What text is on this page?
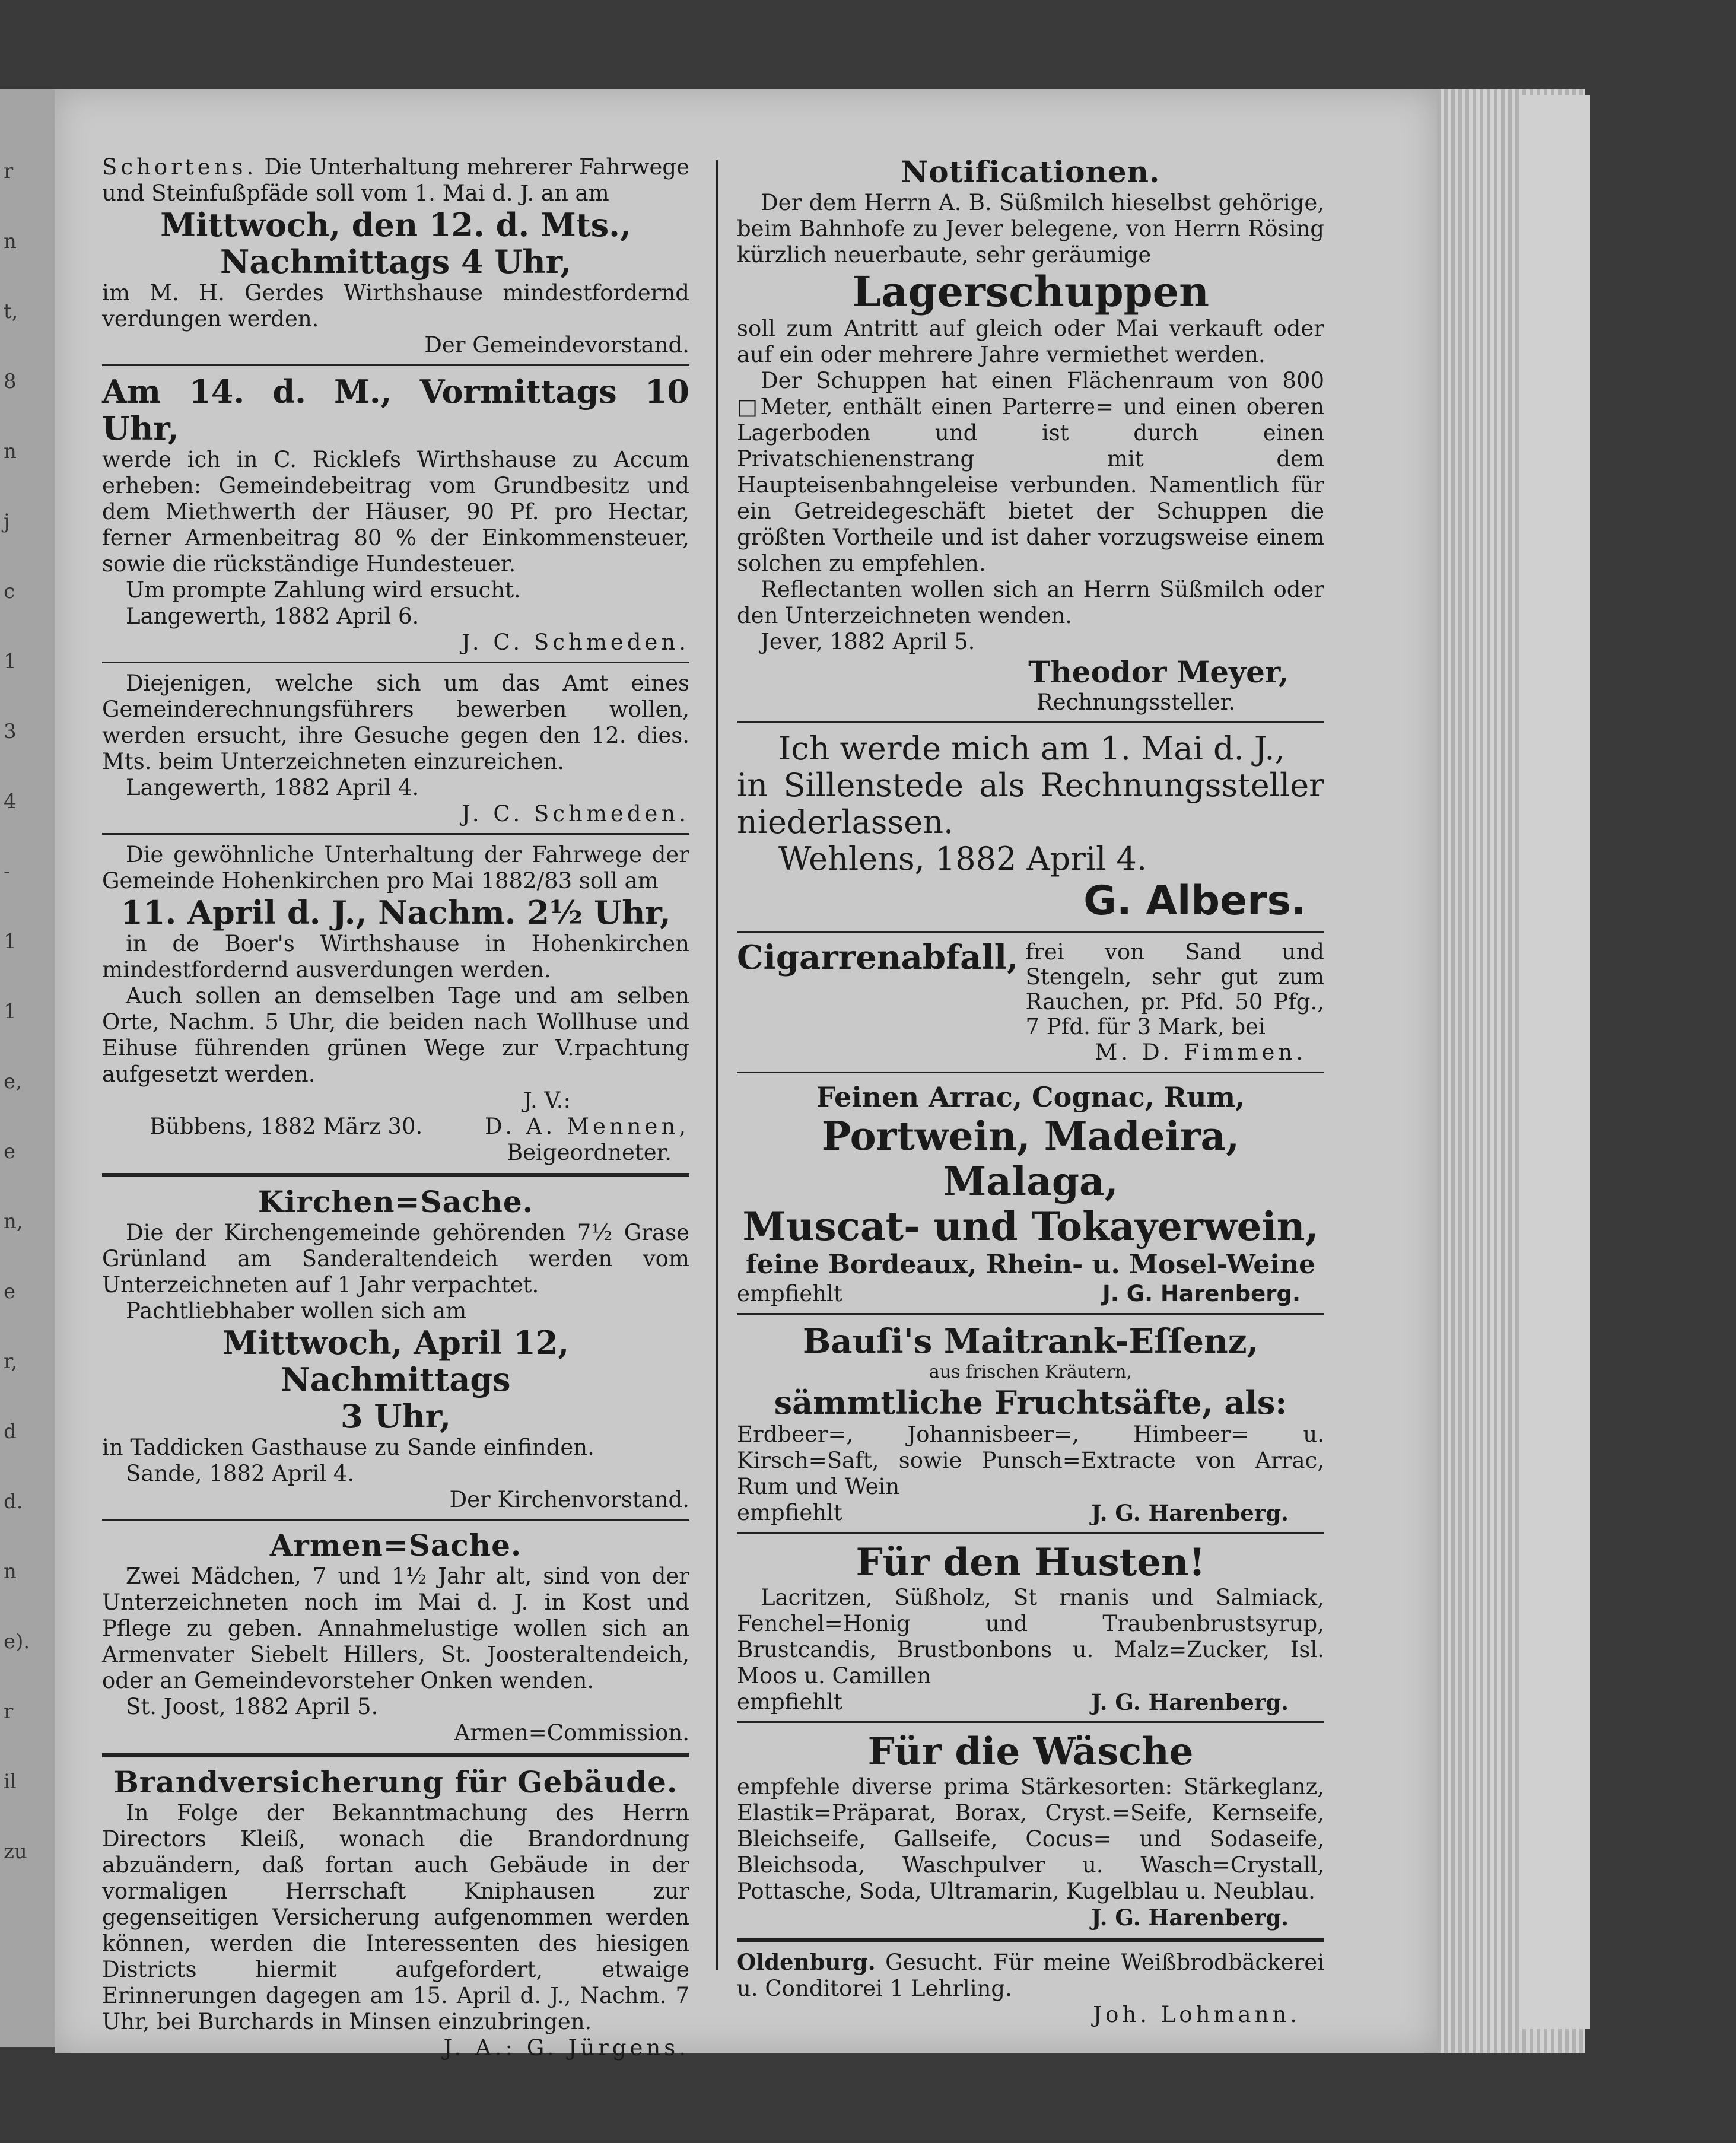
r
n
t,
8
n
j
c
1
3
4
-
1
1
e,
e
n,
e
r,
d
d.
n
e).
r
il
zu

Schortens. Die Unterhaltung mehrerer Fahrwege und Steinfußpfäde soll vom 1. Mai d. J. an am

Mittwoch, den 12. d. Mts.,

Nachmittags 4 Uhr,

im M. H. Gerdes Wirthshause mindestfordernd verdungen werden.

Der Gemeindevorstand.

Am 14. d. M., Vormittags 10 Uhr,

werde ich in C. Ricklefs Wirthshause zu Accum erheben: Gemeindebeitrag vom Grundbesitz und dem Miethwerth der Häuser, 90 Pf. pro Hectar, ferner Armenbeitrag 80 % der Einkommensteuer, sowie die rückständige Hundesteuer.

Um prompte Zahlung wird ersucht.

Langewerth, 1882 April 6.

J. C. Schmeden.

Diejenigen, welche sich um das Amt eines Gemeinderechnungsführers bewerben wollen, werden ersucht, ihre Gesuche gegen den 12. dies. Mts. beim Unterzeichneten einzureichen.

Langewerth, 1882 April 4.

J. C. Schmeden.

Die gewöhnliche Unterhaltung der Fahrwege der Gemeinde Hohenkirchen pro Mai 1882/83 soll am

11. April d. J., Nachm. 2½ Uhr,

in de Boer's Wirthshause in Hohenkirchen mindestfordernd ausverdungen werden.

Auch sollen an demselben Tage und am selben Orte, Nachm. 5 Uhr, die beiden nach Wollhuse und Eihuse führenden grünen Wege zur V.rpachtung aufgesetzt werden.

J. V.:

Bübbens, 1882 März 30.	D. A. Mennen,

Beigeordneter.

Kirchen=Sache.

Die der Kirchengemeinde gehörenden 7½ Grase Grünland am Sanderaltendeich werden vom Unterzeichneten auf 1 Jahr verpachtet.

Pachtliebhaber wollen sich am

Mittwoch, April 12, Nachmittags

3 Uhr,

in Taddicken Gasthause zu Sande einfinden.

Sande, 1882 April 4.

Der Kirchenvorstand.

Armen=Sache.

Zwei Mädchen, 7 und 1½ Jahr alt, sind von der Unterzeichneten noch im Mai d. J. in Kost und Pflege zu geben. Annahmelustige wollen sich an Armenvater Siebelt Hillers, St. Joosteraltendeich, oder an Gemeindevorsteher Onken wenden.

St. Joost, 1882 April 5.

Armen=Commission.

Brandversicherung für Gebäude.

In Folge der Bekanntmachung des Herrn Directors Kleiß, wonach die Brandordnung abzuändern, daß fortan auch Gebäude in der vormaligen Herrschaft Kniphausen zur gegenseitigen Versicherung aufgenommen werden können, werden die Interessenten des hiesigen Districts hiermit aufgefordert, etwaige Erinnerungen dagegen am 15. April d. J., Nachm. 7 Uhr, bei Burchards in Minsen einzubringen.

J. A.: G. Jürgens.

Notificationen.

Der dem Herrn A. B. Süßmilch hieselbst gehörige, beim Bahnhofe zu Jever belegene, von Herrn Rösing kürzlich neuerbaute, sehr geräumige

Lagerschuppen

soll zum Antritt auf gleich oder Mai verkauft oder auf ein oder mehrere Jahre vermiethet werden.

Der Schuppen hat einen Flächenraum von 800 □Meter, enthält einen Parterre= und einen oberen Lagerboden und ist durch einen Privatschienenstrang mit dem Haupteisenbahngeleise verbunden. Namentlich für ein Getreidegeschäft bietet der Schuppen die größten Vortheile und ist daher vorzugsweise einem solchen zu empfehlen.

Reflectanten wollen sich an Herrn Süßmilch oder den Unterzeichneten wenden.

Jever, 1882 April 5.

Theodor Meyer,

Rechnungssteller.

Ich werde mich am 1. Mai d. J.,

in Sillenstede als Rechnungssteller niederlassen.

Wehlens, 1882 April 4.

G. Albers.

Cigarrenabfall, frei von Sand und Stengeln, sehr gut zum Rauchen, pr. Pfd. 50 Pfg., 7 Pfd. für 3 Mark, bei

M. D. Fimmen.

Feinen Arrac, Cognac, Rum,

Portwein, Madeira, Malaga,

Muscat- und Tokayerwein,

feine Bordeaux, Rhein- u. Mosel-Weine

empfiehlt	J. G. Harenberg.

Bauſi's Maitrank-Eſſenz,

aus frischen Kräutern,

sämmtliche Fruchtsäfte, als:

Erdbeer=, Johannisbeer=, Himbeer= u. Kirsch=Saft, sowie Punsch=Extracte von Arrac, Rum und Wein

empfiehlt	J. G. Harenberg.

Für den Husten!

Lacritzen, Süßholz, St rnanis und Salmiack, Fenchel=Honig und Traubenbrustsyrup, Brustcandis, Brustbonbons u. Malz=Zucker, Isl. Moos u. Camillen

empfiehlt	J. G. Harenberg.

Für die Wäsche

empfehle diverse prima Stärkesorten: Stärkeglanz, Elastik=Präparat, Borax, Cryst.=Seife, Kernseife, Bleichseife, Gallseife, Cocus= und Sodaseife, Bleichsoda, Waschpulver u. Wasch=Crystall, Pottasche, Soda, Ultramarin, Kugelblau u. Neublau.

J. G. Harenberg.

Oldenburg. Gesucht. Für meine Weißbrodbäckerei u. Conditorei 1 Lehrling.

Joh. Lohmann.
